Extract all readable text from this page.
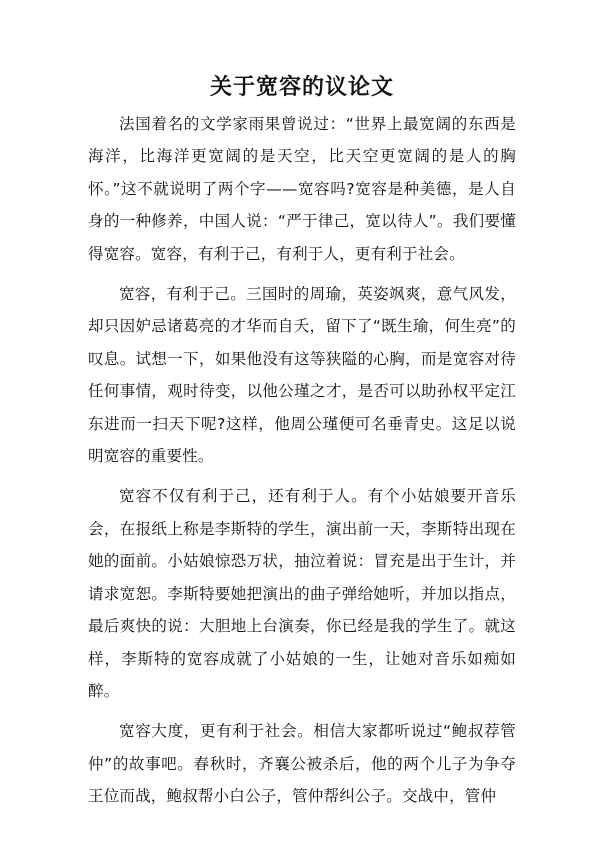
关于宽容的议论文

法国着名的文学家雨果曾说过：“世界上最宽阔的东西是海洋，比海洋更宽阔的是天空，比天空更宽阔的是人的胸怀。”这不就说明了两个字——宽容吗?宽容是种美德，是人自身的一种修养，中国人说：“严于律己，宽以待人”。我们要懂得宽容。宽容，有利于己，有利于人，更有利于社会。

宽容，有利于己。三国时的周瑜，英姿飒爽，意气风发，却只因妒忌诸葛亮的才华而自夭，留下了“既生瑜，何生亮”的叹息。试想一下，如果他没有这等狭隘的心胸，而是宽容对待任何事情，观时待变，以他公瑾之才，是否可以助孙权平定江东进而一扫天下呢?这样，他周公瑾便可名垂青史。这足以说明宽容的重要性。

宽容不仅有利于己，还有利于人。有个小姑娘要开音乐会，在报纸上称是李斯特的学生，演出前一天，李斯特出现在她的面前。小姑娘惊恐万状，抽泣着说：冒充是出于生计，并请求宽恕。李斯特要她把演出的曲子弹给她听，并加以指点，最后爽快的说：大胆地上台演奏，你已经是我的学生了。就这样，李斯特的宽容成就了小姑娘的一生，让她对音乐如痴如醉。

宽容大度，更有利于社会。相信大家都听说过“鲍叔荐管仲”的故事吧。春秋时，齐襄公被杀后，他的两个儿子为争夺王位而战，鲍叔帮小白公子，管仲帮纠公子。交战中，管仲
